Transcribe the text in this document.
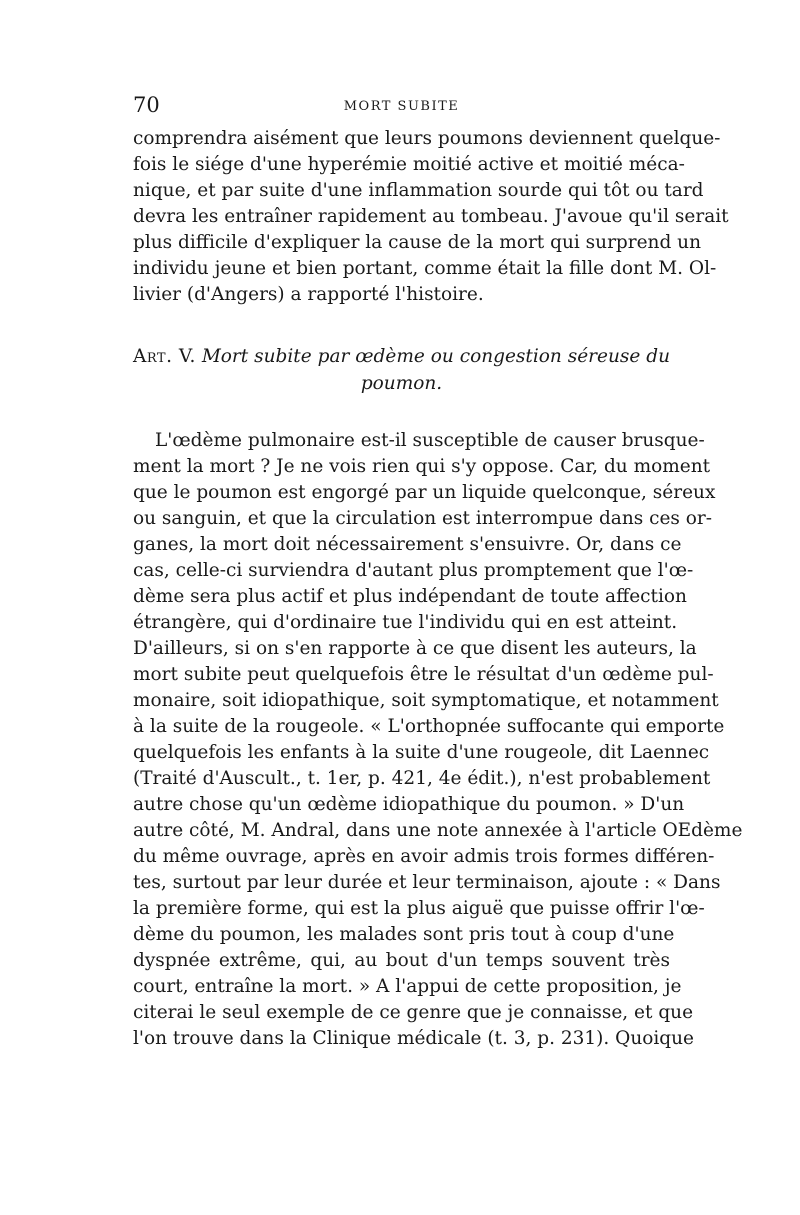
70	MORT SUBITE
comprendra aisément que leurs poumons deviennent quelque-
fois le siége d'une hyperémie moitié active et moitié méca-
nique, et par suite d'une inflammation sourde qui tôt ou tard
devra les entraîner rapidement au tombeau. J'avoue qu'il serait
plus difficile d'expliquer la cause de la mort qui surprend un
individu jeune et bien portant, comme était la fille dont M. Ol-
livier (d'Angers) a rapporté l'histoire.
Art. V. Mort subite par œdème ou congestion séreuse du
poumon.
L'œdème pulmonaire est-il susceptible de causer brusque-
ment la mort ? Je ne vois rien qui s'y oppose. Car, du moment
que le poumon est engorgé par un liquide quelconque, séreux
ou sanguin, et que la circulation est interrompue dans ces or-
ganes, la mort doit nécessairement s'ensuivre. Or, dans ce
cas, celle-ci surviendra d'autant plus promptement que l'œ-
dème sera plus actif et plus indépendant de toute affection
étrangère, qui d'ordinaire tue l'individu qui en est atteint.
D'ailleurs, si on s'en rapporte à ce que disent les auteurs, la
mort subite peut quelquefois être le résultat d'un œdème pul-
monaire, soit idiopathique, soit symptomatique, et notamment
à la suite de la rougeole. « L'orthopnée suffocante qui emporte
quelquefois les enfants à la suite d'une rougeole, dit Laennec
(Traité d'Auscult., t. 1er, p. 421, 4e édit.), n'est probablement
autre chose qu'un œdème idiopathique du poumon. » D'un
autre côté, M. Andral, dans une note annexée à l'article OEdème
du même ouvrage, après en avoir admis trois formes différen-
tes, surtout par leur durée et leur terminaison, ajoute : « Dans
la première forme, qui est la plus aiguë que puisse offrir l'œ-
dème du poumon, les malades sont pris tout à coup d'une
dyspnée extrême, qui, au bout d'un temps souvent très
court, entraîne la mort. » A l'appui de cette proposition, je
citerai le seul exemple de ce genre que je connaisse, et que
l'on trouve dans la Clinique médicale (t. 3, p. 231). Quoique
